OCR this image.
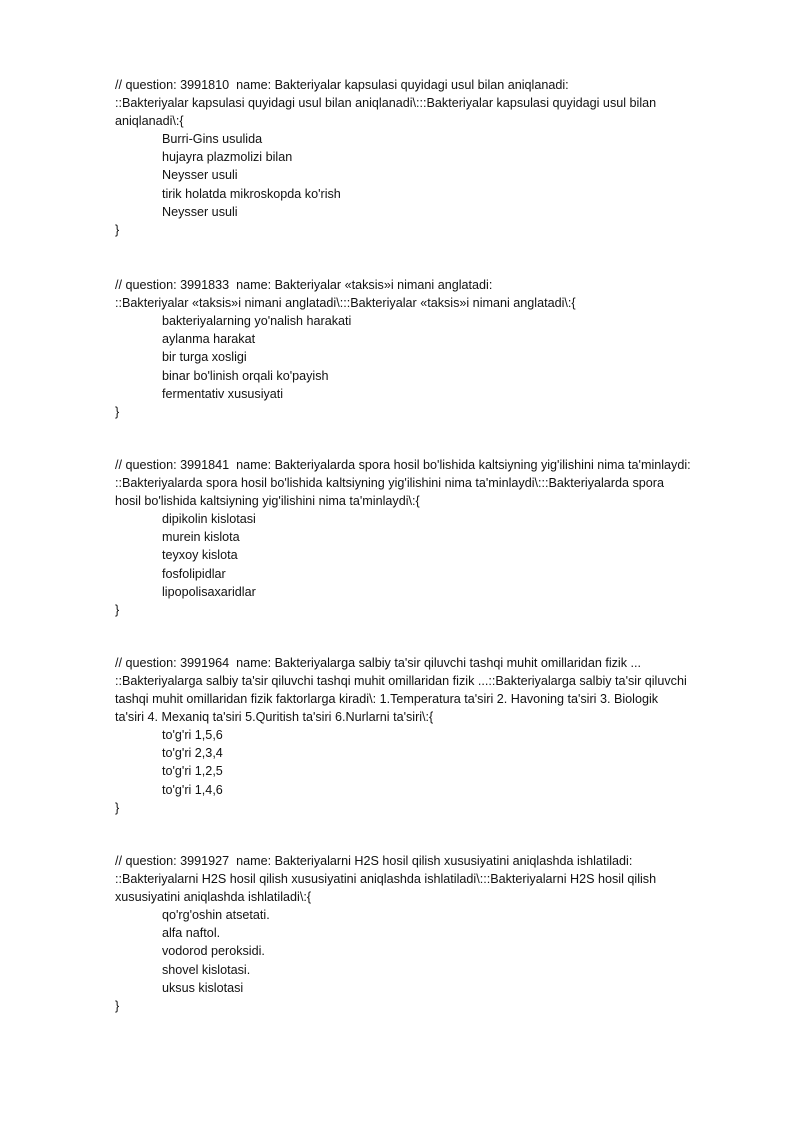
// question: 3991810  name: Bakteriyalar kapsulasi quyidagi usul bilan aniqlanadi:
::Bakteriyalar kapsulasi quyidagi usul bilan aniqlanadi\:::Bakteriyalar kapsulasi quyidagi usul bilan
aniqlanadi\:{
Burri-Gins usulida
hujayra plazmolizi bilan
Neysser usuli
tirik holatda mikroskopda ko'rish
Neysser usuli
}
// question: 3991833  name: Bakteriyalar «taksis»i nimani anglatadi:
::Bakteriyalar «taksis»i nimani anglatadi\:::Bakteriyalar «taksis»i nimani anglatadi\:{
bakteriyalarning yo'nalish harakati
aylanma harakat
bir turga xosligi
binar bo'linish orqali ko'payish
fermentativ xususiyati
}
// question: 3991841  name: Bakteriyalarda spora hosil bo'lishida kaltsiyning yig'ilishini nima ta'minlaydi:
::Bakteriyalarda spora hosil bo'lishida kaltsiyning yig'ilishini nima ta'minlaydi\:::Bakteriyalarda spora
hosil bo'lishida kaltsiyning yig'ilishini nima ta'minlaydi\:{
dipikolin kislotasi
murein kislota
teyxoy kislota
fosfolipidlar
lipopolisaxaridlar
}
// question: 3991964  name: Bakteriyalarga salbiy ta'sir qiluvchi tashqi muhit omillaridan fizik ...
::Bakteriyalarga salbiy ta'sir qiluvchi tashqi muhit omillaridan fizik ...::Bakteriyalarga salbiy ta'sir qiluvchi
tashqi muhit omillaridan fizik faktorlarga kiradi\: 1.Temperatura ta'siri 2. Havoning ta'siri 3. Biologik
ta'siri 4. Mexaniq ta'siri 5.Quritish ta'siri 6.Nurlarni ta'siri\:{
to'g'ri 1,5,6
to'g'ri 2,3,4
to'g'ri 1,2,5
to'g'ri 1,4,6
}
// question: 3991927  name: Bakteriyalarni H2S hosil qilish xususiyatini aniqlashda ishlatiladi:
::Bakteriyalarni H2S hosil qilish xususiyatini aniqlashda ishlatiladi\:::Bakteriyalarni H2S hosil qilish
xususiyatini aniqlashda ishlatiladi\:{
qo'rg'oshin atsetati.
alfa naftol.
vodorod peroksidi.
shovel kislotasi.
uksus kislotasi
}
